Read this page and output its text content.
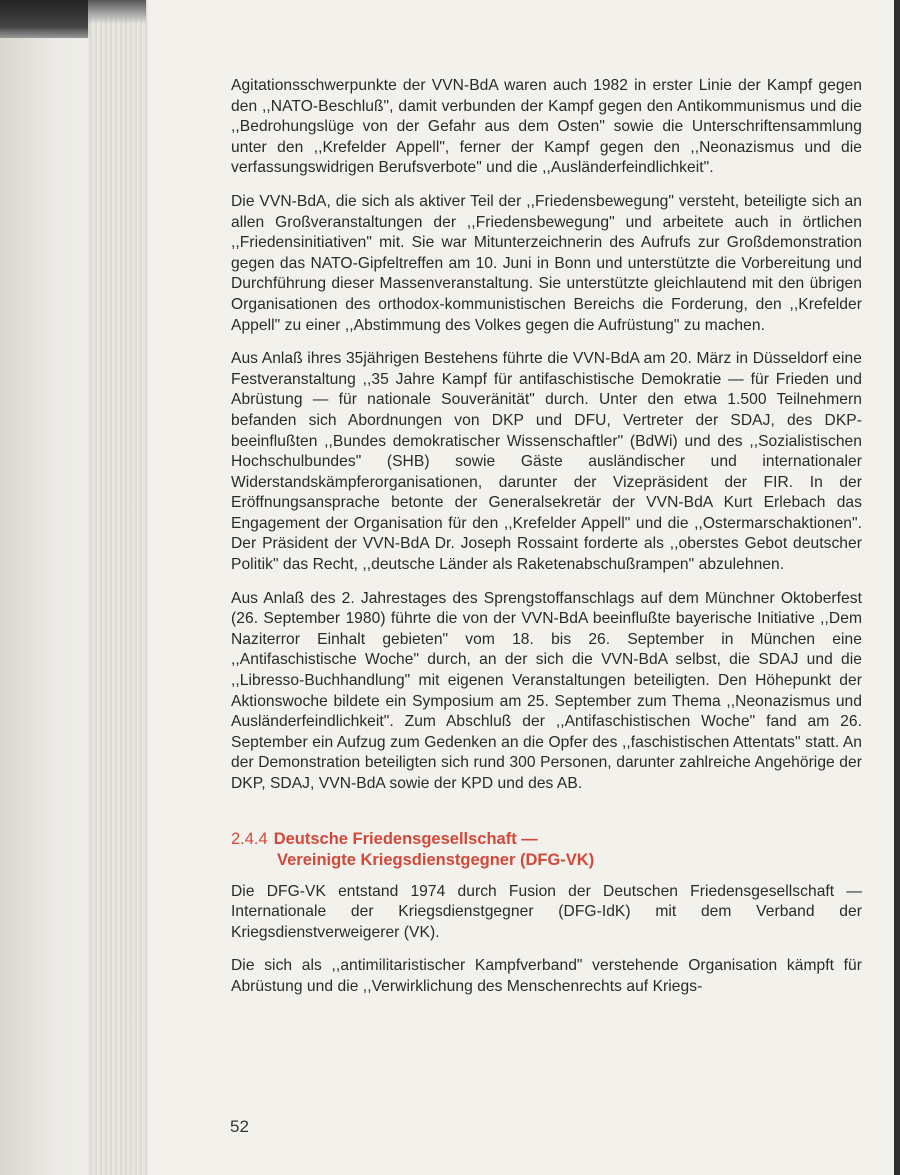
Agitationsschwerpunkte der VVN-BdA waren auch 1982 in erster Linie der Kampf gegen den ,,NATO-Beschluß", damit verbunden der Kampf gegen den Antikommunismus und die ,,Bedrohungslüge von der Gefahr aus dem Osten" sowie die Unterschriftensammlung unter den ,,Krefelder Appell", ferner der Kampf gegen den ,,Neonazismus und die verfassungswidrigen Berufsverbote" und die ,,Ausländerfeindlichkeit".

Die VVN-BdA, die sich als aktiver Teil der ,,Friedensbewegung" versteht, beteiligte sich an allen Großveranstaltungen der ,,Friedensbewegung" und arbeitete auch in örtlichen ,,Friedensinitiativen" mit. Sie war Mitunterzeichnerin des Aufrufs zur Großdemonstration gegen das NATO-Gipfeltreffen am 10. Juni in Bonn und unterstützte die Vorbereitung und Durchführung dieser Massenveranstaltung. Sie unterstützte gleichlautend mit den übrigen Organisationen des orthodox-kommunistischen Bereichs die Forderung, den ,,Krefelder Appell" zu einer ,,Abstimmung des Volkes gegen die Aufrüstung" zu machen.

Aus Anlaß ihres 35jährigen Bestehens führte die VVN-BdA am 20. März in Düsseldorf eine Festveranstaltung ,,35 Jahre Kampf für antifaschistische Demokratie — für Frieden und Abrüstung — für nationale Souveränität" durch. Unter den etwa 1.500 Teilnehmern befanden sich Abordnungen von DKP und DFU, Vertreter der SDAJ, des DKP-beeinflußten ,,Bundes demokratischer Wissenschaftler" (BdWi) und des ,,Sozialistischen Hochschulbundes" (SHB) sowie Gäste ausländischer und internationaler Widerstandskämpferorganisationen, darunter der Vizepräsident der FIR. In der Eröffnungsansprache betonte der Generalsekretär der VVN-BdA Kurt Erlebach das Engagement der Organisation für den ,,Krefelder Appell" und die ,,Ostermarschaktionen". Der Präsident der VVN-BdA Dr. Joseph Rossaint forderte als ,,oberstes Gebot deutscher Politik" das Recht, ,,deutsche Länder als Raketenabschußrampen" abzulehnen.

Aus Anlaß des 2. Jahrestages des Sprengstoffanschlags auf dem Münchner Oktoberfest (26. September 1980) führte die von der VVN-BdA beeinflußte bayerische Initiative ,,Dem Naziterror Einhalt gebieten" vom 18. bis 26. September in München eine ,,Antifaschistische Woche" durch, an der sich die VVN-BdA selbst, die SDAJ und die ,,Libresso-Buchhandlung" mit eigenen Veranstaltungen beteiligten. Den Höhepunkt der Aktionswoche bildete ein Symposium am 25. September zum Thema ,,Neonazismus und Ausländerfeindlichkeit". Zum Abschluß der ,,Antifaschistischen Woche" fand am 26. September ein Aufzug zum Gedenken an die Opfer des ,,faschistischen Attentats" statt. An der Demonstration beteiligten sich rund 300 Personen, darunter zahlreiche Angehörige der DKP, SDAJ, VVN-BdA sowie der KPD und des AB.

2.4.4 Deutsche Friedensgesellschaft —
Vereinigte Kriegsdienstgegner (DFG-VK)

Die DFG-VK entstand 1974 durch Fusion der Deutschen Friedensgesellschaft — Internationale der Kriegsdienstgegner (DFG-IdK) mit dem Verband der Kriegsdienstverweigerer (VK).

Die sich als ,,antimilitaristischer Kampfverband" verstehende Organisation kämpft für Abrüstung und die ,,Verwirklichung des Menschenrechts auf Kriegs-

52
